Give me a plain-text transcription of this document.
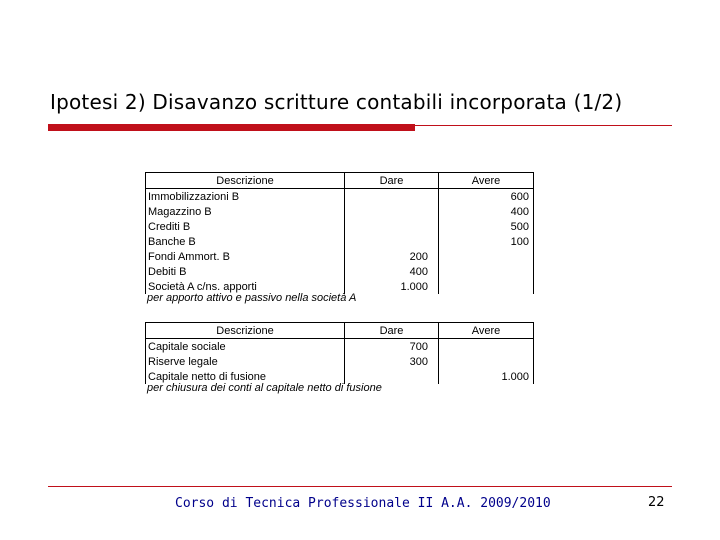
Ipotesi 2) Disavanzo scritture contabili incorporata (1/2)
Descrizione	Dare	Avere
Immobilizzazioni B		600
Magazzino B		400
Crediti B		500
Banche B		100
Fondi Ammort. B	200	
Debiti B	400	
Società A c/ns. apporti	1.000	
per apporto attivo e passivo nella società A
Descrizione	Dare	Avere
Capitale sociale	700	
Riserve legale	300	
Capitale netto di fusione		1.000
per chiusura dei conti al capitale netto di fusione
Corso di Tecnica Professionale II A.A. 2009/2010	22
